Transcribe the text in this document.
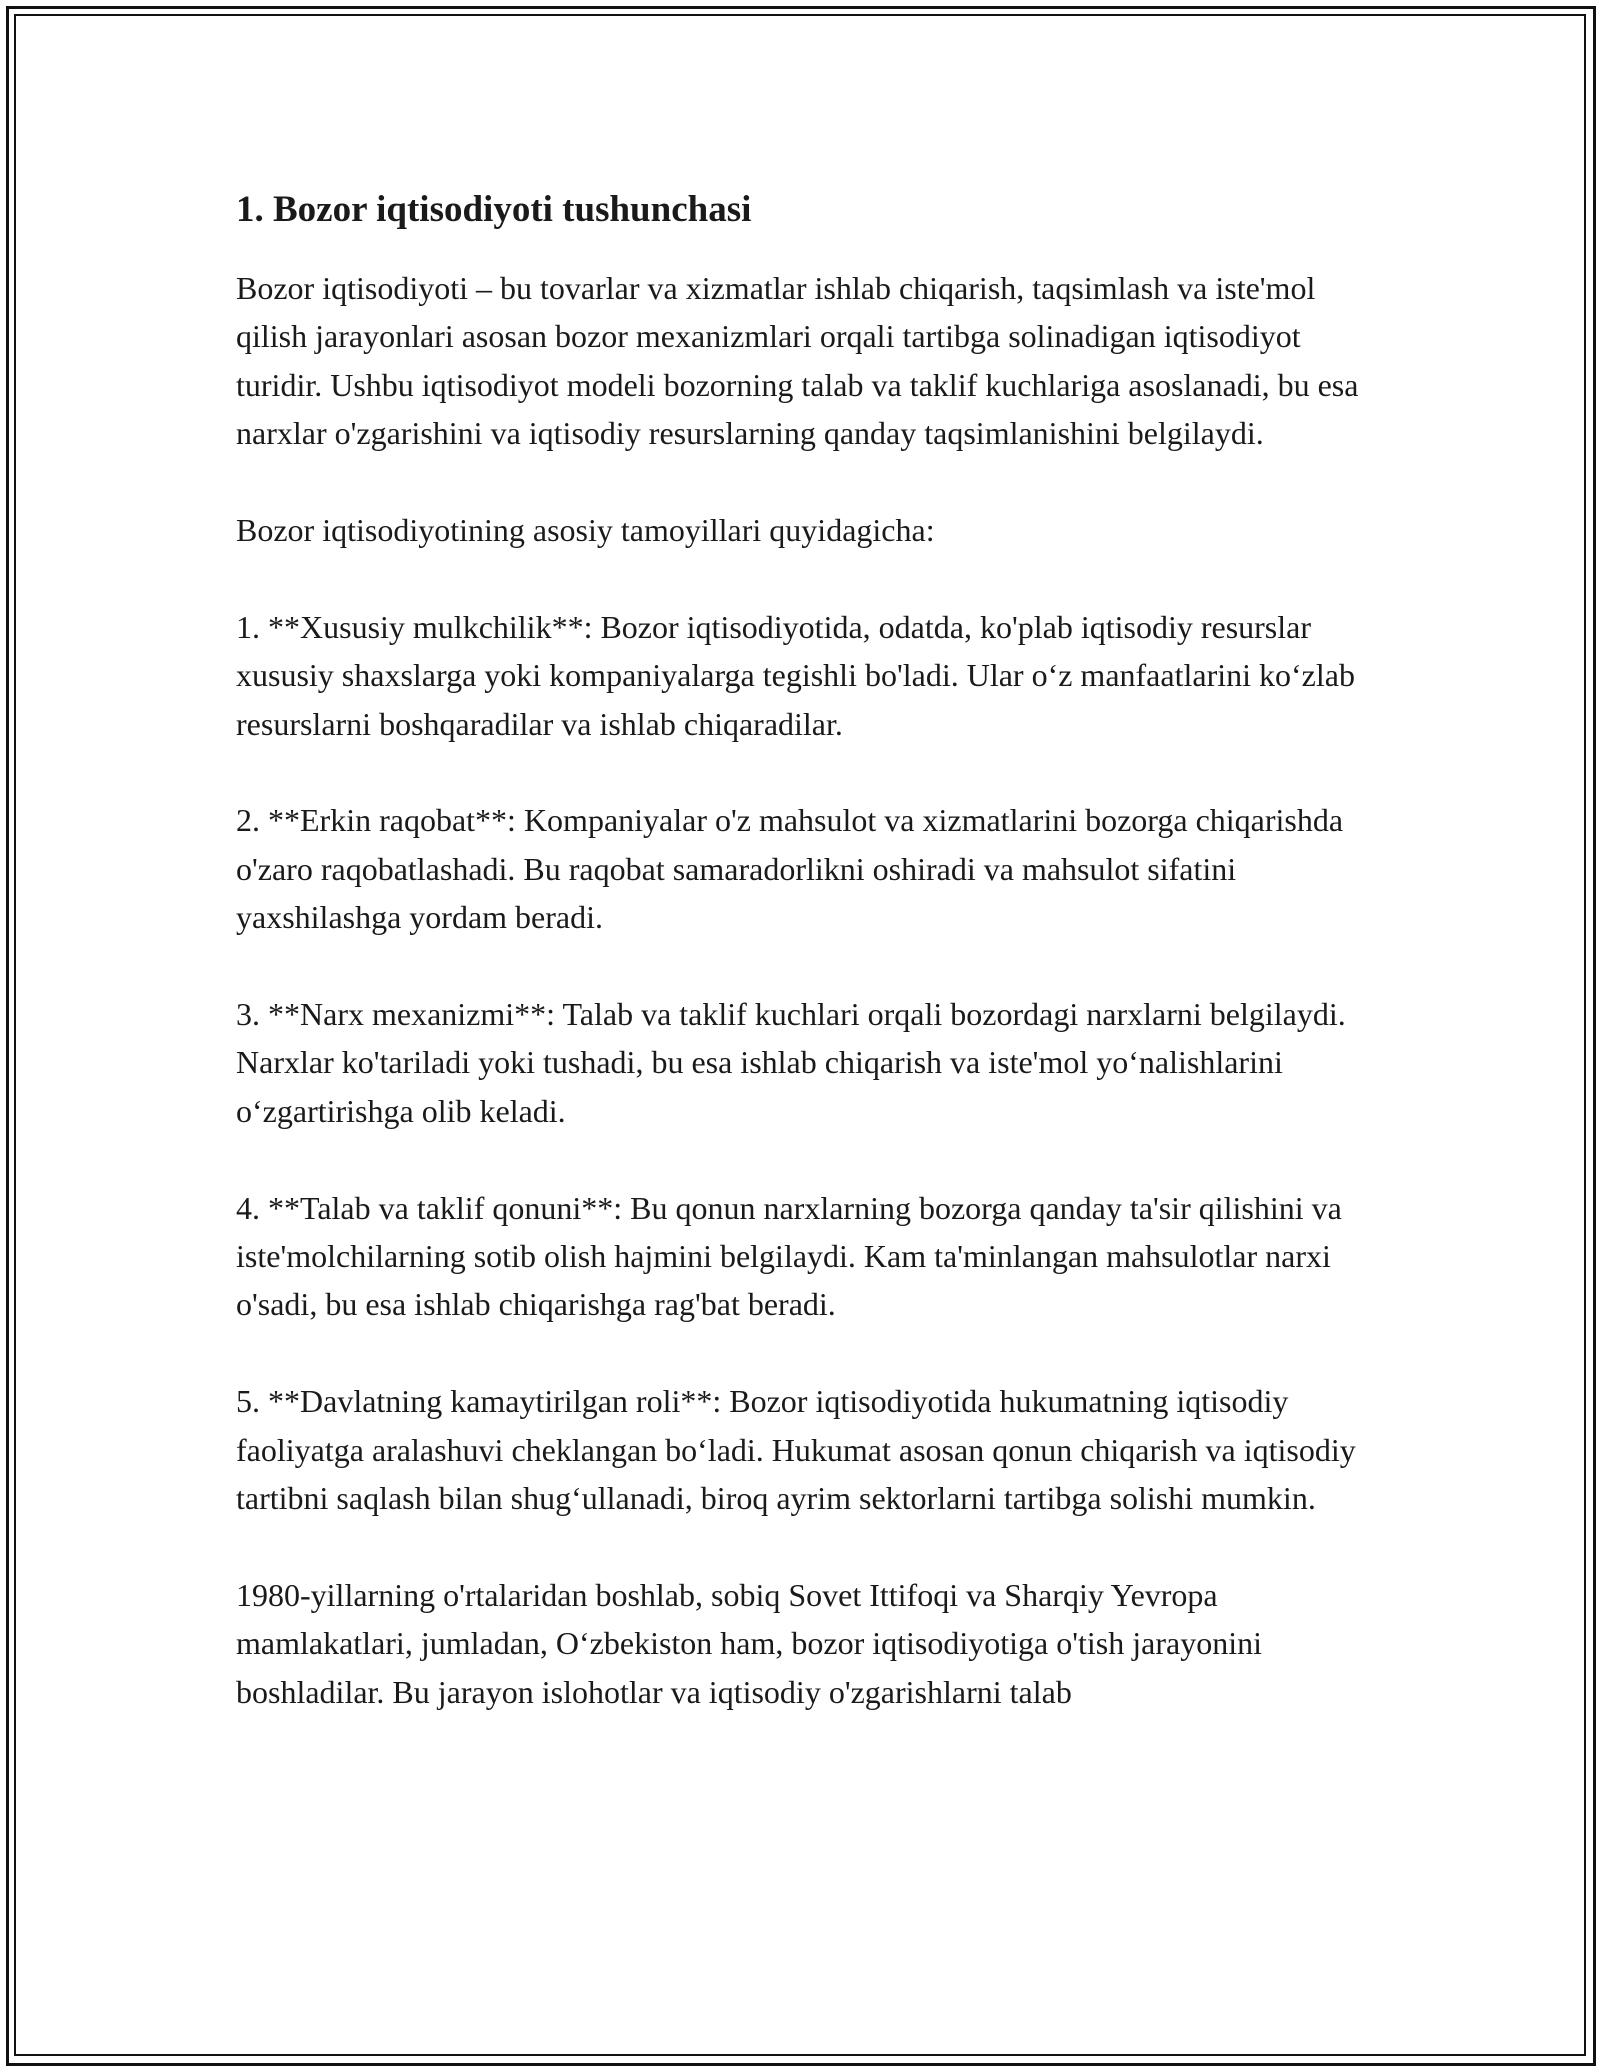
1. Bozor iqtisodiyoti tushunchasi

Bozor iqtisodiyoti – bu tovarlar va xizmatlar ishlab chiqarish, taqsimlash va iste'mol qilish jarayonlari asosan bozor mexanizmlari orqali tartibga solinadigan iqtisodiyot turidir. Ushbu iqtisodiyot modeli bozorning talab va taklif kuchlariga asoslanadi, bu esa narxlar o'zgarishini va iqtisodiy resurslarning qanday taqsimlanishini belgilaydi.

Bozor iqtisodiyotining asosiy tamoyillari quyidagicha:

1. **Xususiy mulkchilik**: Bozor iqtisodiyotida, odatda, ko'plab iqtisodiy resurslar xususiy shaxslarga yoki kompaniyalarga tegishli bo'ladi. Ular o‘z manfaatlarini ko‘zlab resurslarni boshqaradilar va ishlab chiqaradilar.

2. **Erkin raqobat**: Kompaniyalar o'z mahsulot va xizmatlarini bozorga chiqarishda o'zaro raqobatlashadi. Bu raqobat samaradorlikni oshiradi va mahsulot sifatini yaxshilashga yordam beradi.

3. **Narx mexanizmi**: Talab va taklif kuchlari orqali bozordagi narxlarni belgilaydi. Narxlar ko'tariladi yoki tushadi, bu esa ishlab chiqarish va iste'mol yo‘nalishlarini o‘zgartirishga olib keladi.

4. **Talab va taklif qonuni**: Bu qonun narxlarning bozorga qanday ta'sir qilishini va iste'molchilarning sotib olish hajmini belgilaydi. Kam ta'minlangan mahsulotlar narxi o'sadi, bu esa ishlab chiqarishga rag'bat beradi.

5. **Davlatning kamaytirilgan roli**: Bozor iqtisodiyotida hukumatning iqtisodiy faoliyatga aralashuvi cheklangan bo‘ladi. Hukumat asosan qonun chiqarish va iqtisodiy tartibni saqlash bilan shug‘ullanadi, biroq ayrim sektorlarni tartibga solishi mumkin.

1980-yillarning o'rtalaridan boshlab, sobiq Sovet Ittifoqi va Sharqiy Yevropa mamlakatlari, jumladan, O‘zbekiston ham, bozor iqtisodiyotiga o'tish jarayonini boshladilar. Bu jarayon islohotlar va iqtisodiy o'zgarishlarni talab
